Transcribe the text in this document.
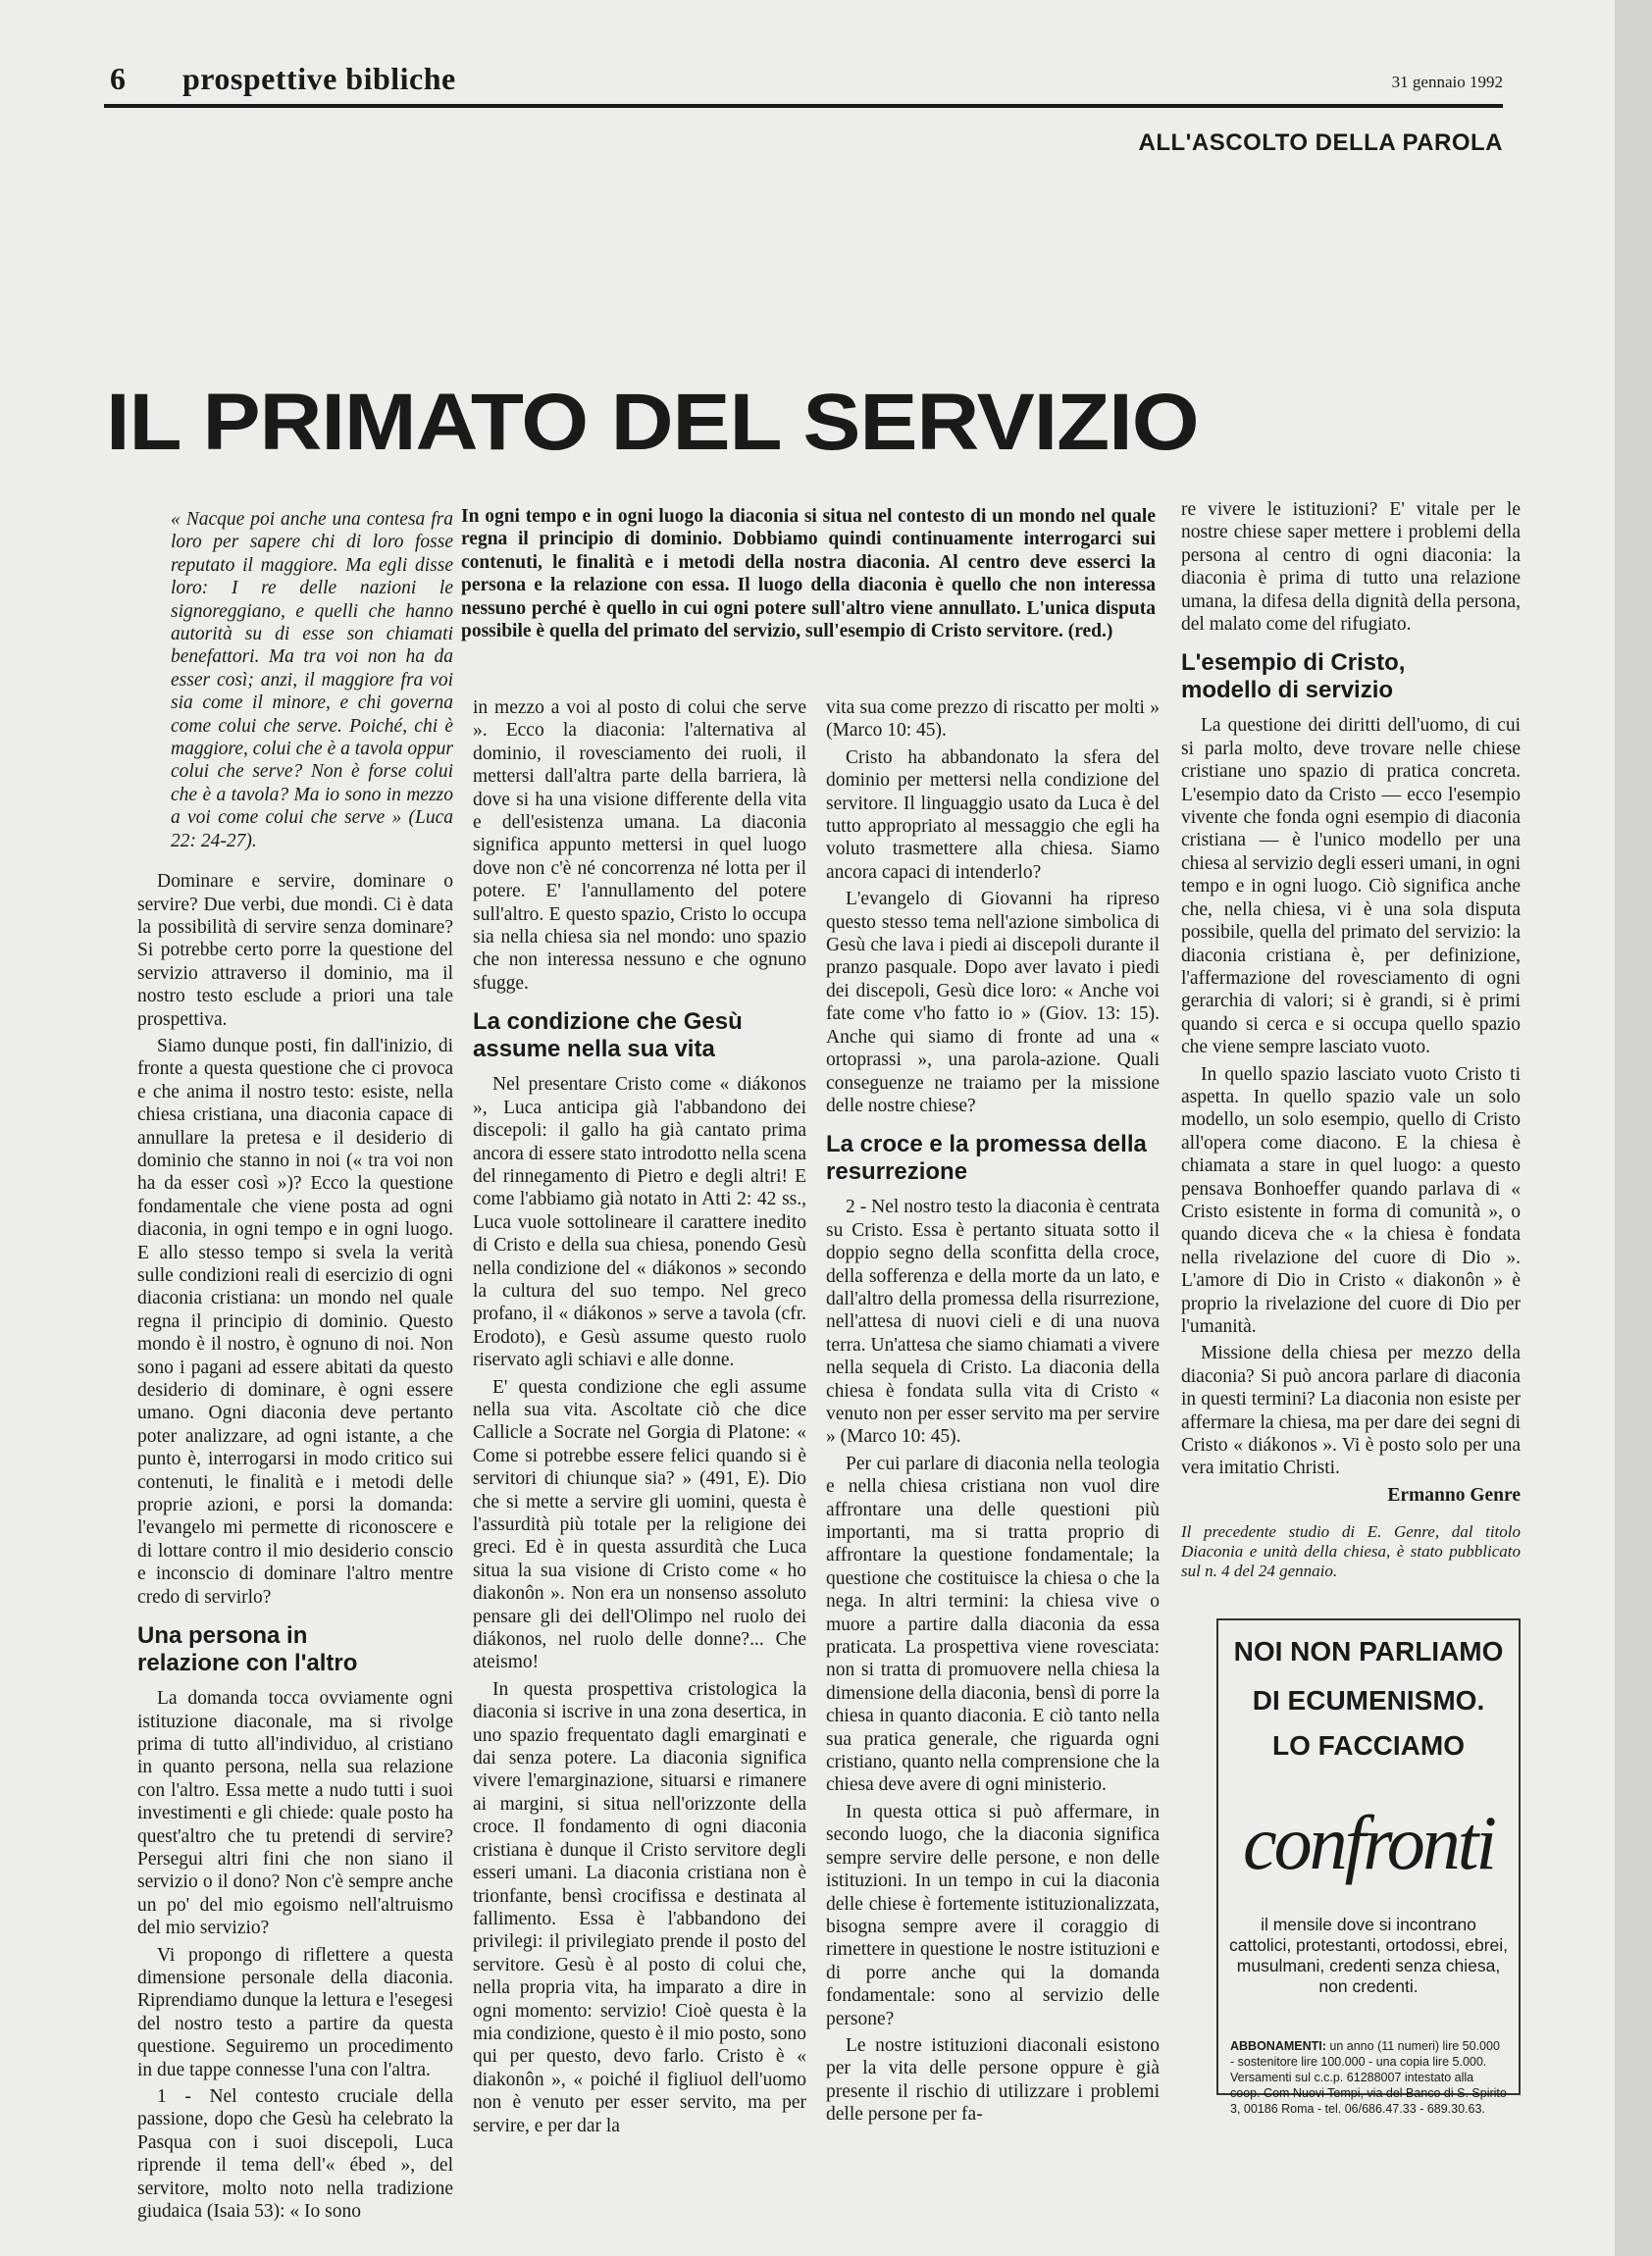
6 prospettive bibliche	31 gennaio 1992
ALL'ASCOLTO DELLA PAROLA
IL PRIMATO DEL SERVIZIO

« Nacque poi anche una contesa fra loro per sapere chi di loro fosse reputato il maggiore. Ma egli disse loro: I re delle nazioni le signoreggiano, e quelli che hanno autorità su di esse son chiamati benefattori. Ma tra voi non ha da esser così; anzi, il maggiore fra voi sia come il minore, e chi governa come colui che serve. Poiché, chi è maggiore, colui che è a tavola oppur colui che serve? Non è forse colui che è a tavola? Ma io sono in mezzo a voi come colui che serve » (Luca 22: 24-27).

Dominare e servire, dominare o servire? Due verbi, due mondi. Ci è data la possibilità di servire senza dominare? Si potrebbe certo porre la questione del servizio attraverso il dominio, ma il nostro testo esclude a priori una tale prospettiva.

Siamo dunque posti, fin dall'inizio, di fronte a questa questione che ci provoca e che anima il nostro testo: esiste, nella chiesa cristiana, una diaconia capace di annullare la pretesa e il desiderio di dominio che stanno in noi (« tra voi non ha da esser così »)? Ecco la questione fondamentale che viene posta ad ogni diaconia, in ogni tempo e in ogni luogo. E allo stesso tempo si svela la verità sulle condizioni reali di esercizio di ogni diaconia cristiana: un mondo nel quale regna il principio di dominio. Questo mondo è il nostro, è ognuno di noi. Non sono i pagani ad essere abitati da questo desiderio di dominare, è ogni essere umano. Ogni diaconia deve pertanto poter analizzare, ad ogni istante, a che punto è, interrogarsi in modo critico sui contenuti, le finalità e i metodi delle proprie azioni, e porsi la domanda: l'evangelo mi permette di riconoscere e di lottare contro il mio desiderio conscio e inconscio di dominare l'altro mentre credo di servirlo?

Una persona in relazione con l'altro

La domanda tocca ovviamente ogni istituzione diaconale, ma si rivolge prima di tutto all'individuo, al cristiano in quanto persona, nella sua relazione con l'altro. Essa mette a nudo tutti i suoi investimenti e gli chiede: quale posto ha quest'altro che tu pretendi di servire? Persegui altri fini che non siano il servizio o il dono? Non c'è sempre anche un po' del mio egoismo nell'altruismo del mio servizio?

Vi propongo di riflettere a questa dimensione personale della diaconia. Riprendiamo dunque la lettura e l'esegesi del nostro testo a partire da questa questione. Seguiremo un procedimento in due tappe connesse l'una con l'altra.

1 - Nel contesto cruciale della passione, dopo che Gesù ha celebrato la Pasqua con i suoi discepoli, Luca riprende il tema dell'« ébed », del servitore, molto noto nella tradizione giudaica (Isaia 53): « Io sono

In ogni tempo e in ogni luogo la diaconia si situa nel contesto di un mondo nel quale regna il principio di dominio. Dobbiamo quindi continuamente interrogarci sui contenuti, le finalità e i metodi della nostra diaconia. Al centro deve esserci la persona e la relazione con essa. Il luogo della diaconia è quello che non interessa nessuno perché è quello in cui ogni potere sull'altro viene annullato. L'unica disputa possibile è quella del primato del servizio, sull'esempio di Cristo servitore. (red.)

in mezzo a voi al posto di colui che serve ». Ecco la diaconia: l'alternativa al dominio, il rovesciamento dei ruoli, il mettersi dall'altra parte della barriera, là dove si ha una visione differente della vita e dell'esistenza umana. La diaconia significa appunto mettersi in quel luogo dove non c'è né concorrenza né lotta per il potere. E' l'annullamento del potere sull'altro. E questo spazio, Cristo lo occupa sia nella chiesa sia nel mondo: uno spazio che non interessa nessuno e che ognuno sfugge.

La condizione che Gesù assume nella sua vita

Nel presentare Cristo come « diákonos », Luca anticipa già l'abbandono dei discepoli: il gallo ha già cantato prima ancora di essere stato introdotto nella scena del rinnegamento di Pietro e degli altri! E come l'abbiamo già notato in Atti 2: 42 ss., Luca vuole sottolineare il carattere inedito di Cristo e della sua chiesa, ponendo Gesù nella condizione del « diákonos » secondo la cultura del suo tempo. Nel greco profano, il « diákonos » serve a tavola (cfr. Erodoto), e Gesù assume questo ruolo riservato agli schiavi e alle donne.

E' questa condizione che egli assume nella sua vita. Ascoltate ciò che dice Callicle a Socrate nel Gorgia di Platone: « Come si potrebbe essere felici quando si è servitori di chiunque sia? » (491, E). Dio che si mette a servire gli uomini, questa è l'assurdità più totale per la religione dei greci. Ed è in questa assurdità che Luca situa la sua visione di Cristo come « ho diakonôn ». Non era un nonsenso assoluto pensare gli dei dell'Olimpo nel ruolo dei diákonos, nel ruolo delle donne?... Che ateismo!

In questa prospettiva cristologica la diaconia si iscrive in una zona desertica, in uno spazio frequentato dagli emarginati e dai senza potere. La diaconia significa vivere l'emarginazione, situarsi e rimanere ai margini, si situa nell'orizzonte della croce. Il fondamento di ogni diaconia cristiana è dunque il Cristo servitore degli esseri umani. La diaconia cristiana non è trionfante, bensì crocifissa e destinata al fallimento. Essa è l'abbandono dei privilegi: il privilegiato prende il posto del servitore. Gesù è al posto di colui che, nella propria vita, ha imparato a dire in ogni momento: servizio! Cioè questa è la mia condizione, questo è il mio posto, sono qui per questo, devo farlo. Cristo è « diakonôn », « poiché il figliuol dell'uomo non è venuto per esser servito, ma per servire, e per dar la

vita sua come prezzo di riscatto per molti » (Marco 10: 45).

Cristo ha abbandonato la sfera del dominio per mettersi nella condizione del servitore. Il linguaggio usato da Luca è del tutto appropriato al messaggio che egli ha voluto trasmettere alla chiesa. Siamo ancora capaci di intenderlo?

L'evangelo di Giovanni ha ripreso questo stesso tema nell'azione simbolica di Gesù che lava i piedi ai discepoli durante il pranzo pasquale. Dopo aver lavato i piedi dei discepoli, Gesù dice loro: « Anche voi fate come v'ho fatto io » (Giov. 13: 15). Anche qui siamo di fronte ad una « ortoprassi », una parola-azione. Quali conseguenze ne traiamo per la missione delle nostre chiese?

La croce e la promessa della resurrezione

2 - Nel nostro testo la diaconia è centrata su Cristo. Essa è pertanto situata sotto il doppio segno della sconfitta della croce, della sofferenza e della morte da un lato, e dall'altro della promessa della risurrezione, nell'attesa di nuovi cieli e di una nuova terra. Un'attesa che siamo chiamati a vivere nella sequela di Cristo. La diaconia della chiesa è fondata sulla vita di Cristo « venuto non per esser servito ma per servire » (Marco 10: 45).

Per cui parlare di diaconia nella teologia e nella chiesa cristiana non vuol dire affrontare una delle questioni più importanti, ma si tratta proprio di affrontare la questione fondamentale; la questione che costituisce la chiesa o che la nega. In altri termini: la chiesa vive o muore a partire dalla diaconia da essa praticata. La prospettiva viene rovesciata: non si tratta di promuovere nella chiesa la dimensione della diaconia, bensì di porre la chiesa in quanto diaconia. E ciò tanto nella sua pratica generale, che riguarda ogni cristiano, quanto nella comprensione che la chiesa deve avere di ogni ministerio.

In questa ottica si può affermare, in secondo luogo, che la diaconia significa sempre servire delle persone, e non delle istituzioni. In un tempo in cui la diaconia delle chiese è fortemente istituzionalizzata, bisogna sempre avere il coraggio di rimettere in questione le nostre istituzioni e di porre anche qui la domanda fondamentale: sono al servizio delle persone?

Le nostre istituzioni diaconali esistono per la vita delle persone oppure è già presente il rischio di utilizzare i problemi delle persone per fa-

re vivere le istituzioni? E' vitale per le nostre chiese saper mettere i problemi della persona al centro di ogni diaconia: la diaconia è prima di tutto una relazione umana, la difesa della dignità della persona, del malato come del rifugiato.

L'esempio di Cristo, modello di servizio

La questione dei diritti dell'uomo, di cui si parla molto, deve trovare nelle chiese cristiane uno spazio di pratica concreta. L'esempio dato da Cristo — ecco l'esempio vivente che fonda ogni esempio di diaconia cristiana — è l'unico modello per una chiesa al servizio degli esseri umani, in ogni tempo e in ogni luogo. Ciò significa anche che, nella chiesa, vi è una sola disputa possibile, quella del primato del servizio: la diaconia cristiana è, per definizione, l'affermazione del rovesciamento di ogni gerarchia di valori; si è grandi, si è primi quando si cerca e si occupa quello spazio che viene sempre lasciato vuoto.

In quello spazio lasciato vuoto Cristo ti aspetta. In quello spazio vale un solo modello, un solo esempio, quello di Cristo all'opera come diacono. E la chiesa è chiamata a stare in quel luogo: a questo pensava Bonhoeffer quando parlava di « Cristo esistente in forma di comunità », o quando diceva che « la chiesa è fondata nella rivelazione del cuore di Dio ». L'amore di Dio in Cristo « diakonôn » è proprio la rivelazione del cuore di Dio per l'umanità.

Missione della chiesa per mezzo della diaconia? Si può ancora parlare di diaconia in questi termini? La diaconia non esiste per affermare la chiesa, ma per dare dei segni di Cristo « diákonos ». Vi è posto solo per una vera imitatio Christi.

Ermanno Genre
Il precedente studio di E. Genre, dal titolo Diaconia e unità della chiesa, è stato pubblicato sul n. 4 del 24 gennaio.
NOI NON PARLIAMO
DI ECUMENISMO.
LO FACCIAMO
confronti
il mensile dove si incontrano cattolici, protestanti, ortodossi, ebrei, musulmani, credenti senza chiesa, non credenti.
ABBONAMENTI: un anno (11 numeri) lire 50.000 - sostenitore lire 100.000 - una copia lire 5.000. Versamenti sul c.c.p. 61288007 intestato alla coop. Com Nuovi Tempi, via del Banco di S. Spirito 3, 00186 Roma - tel. 06/686.47.33 - 689.30.63.
